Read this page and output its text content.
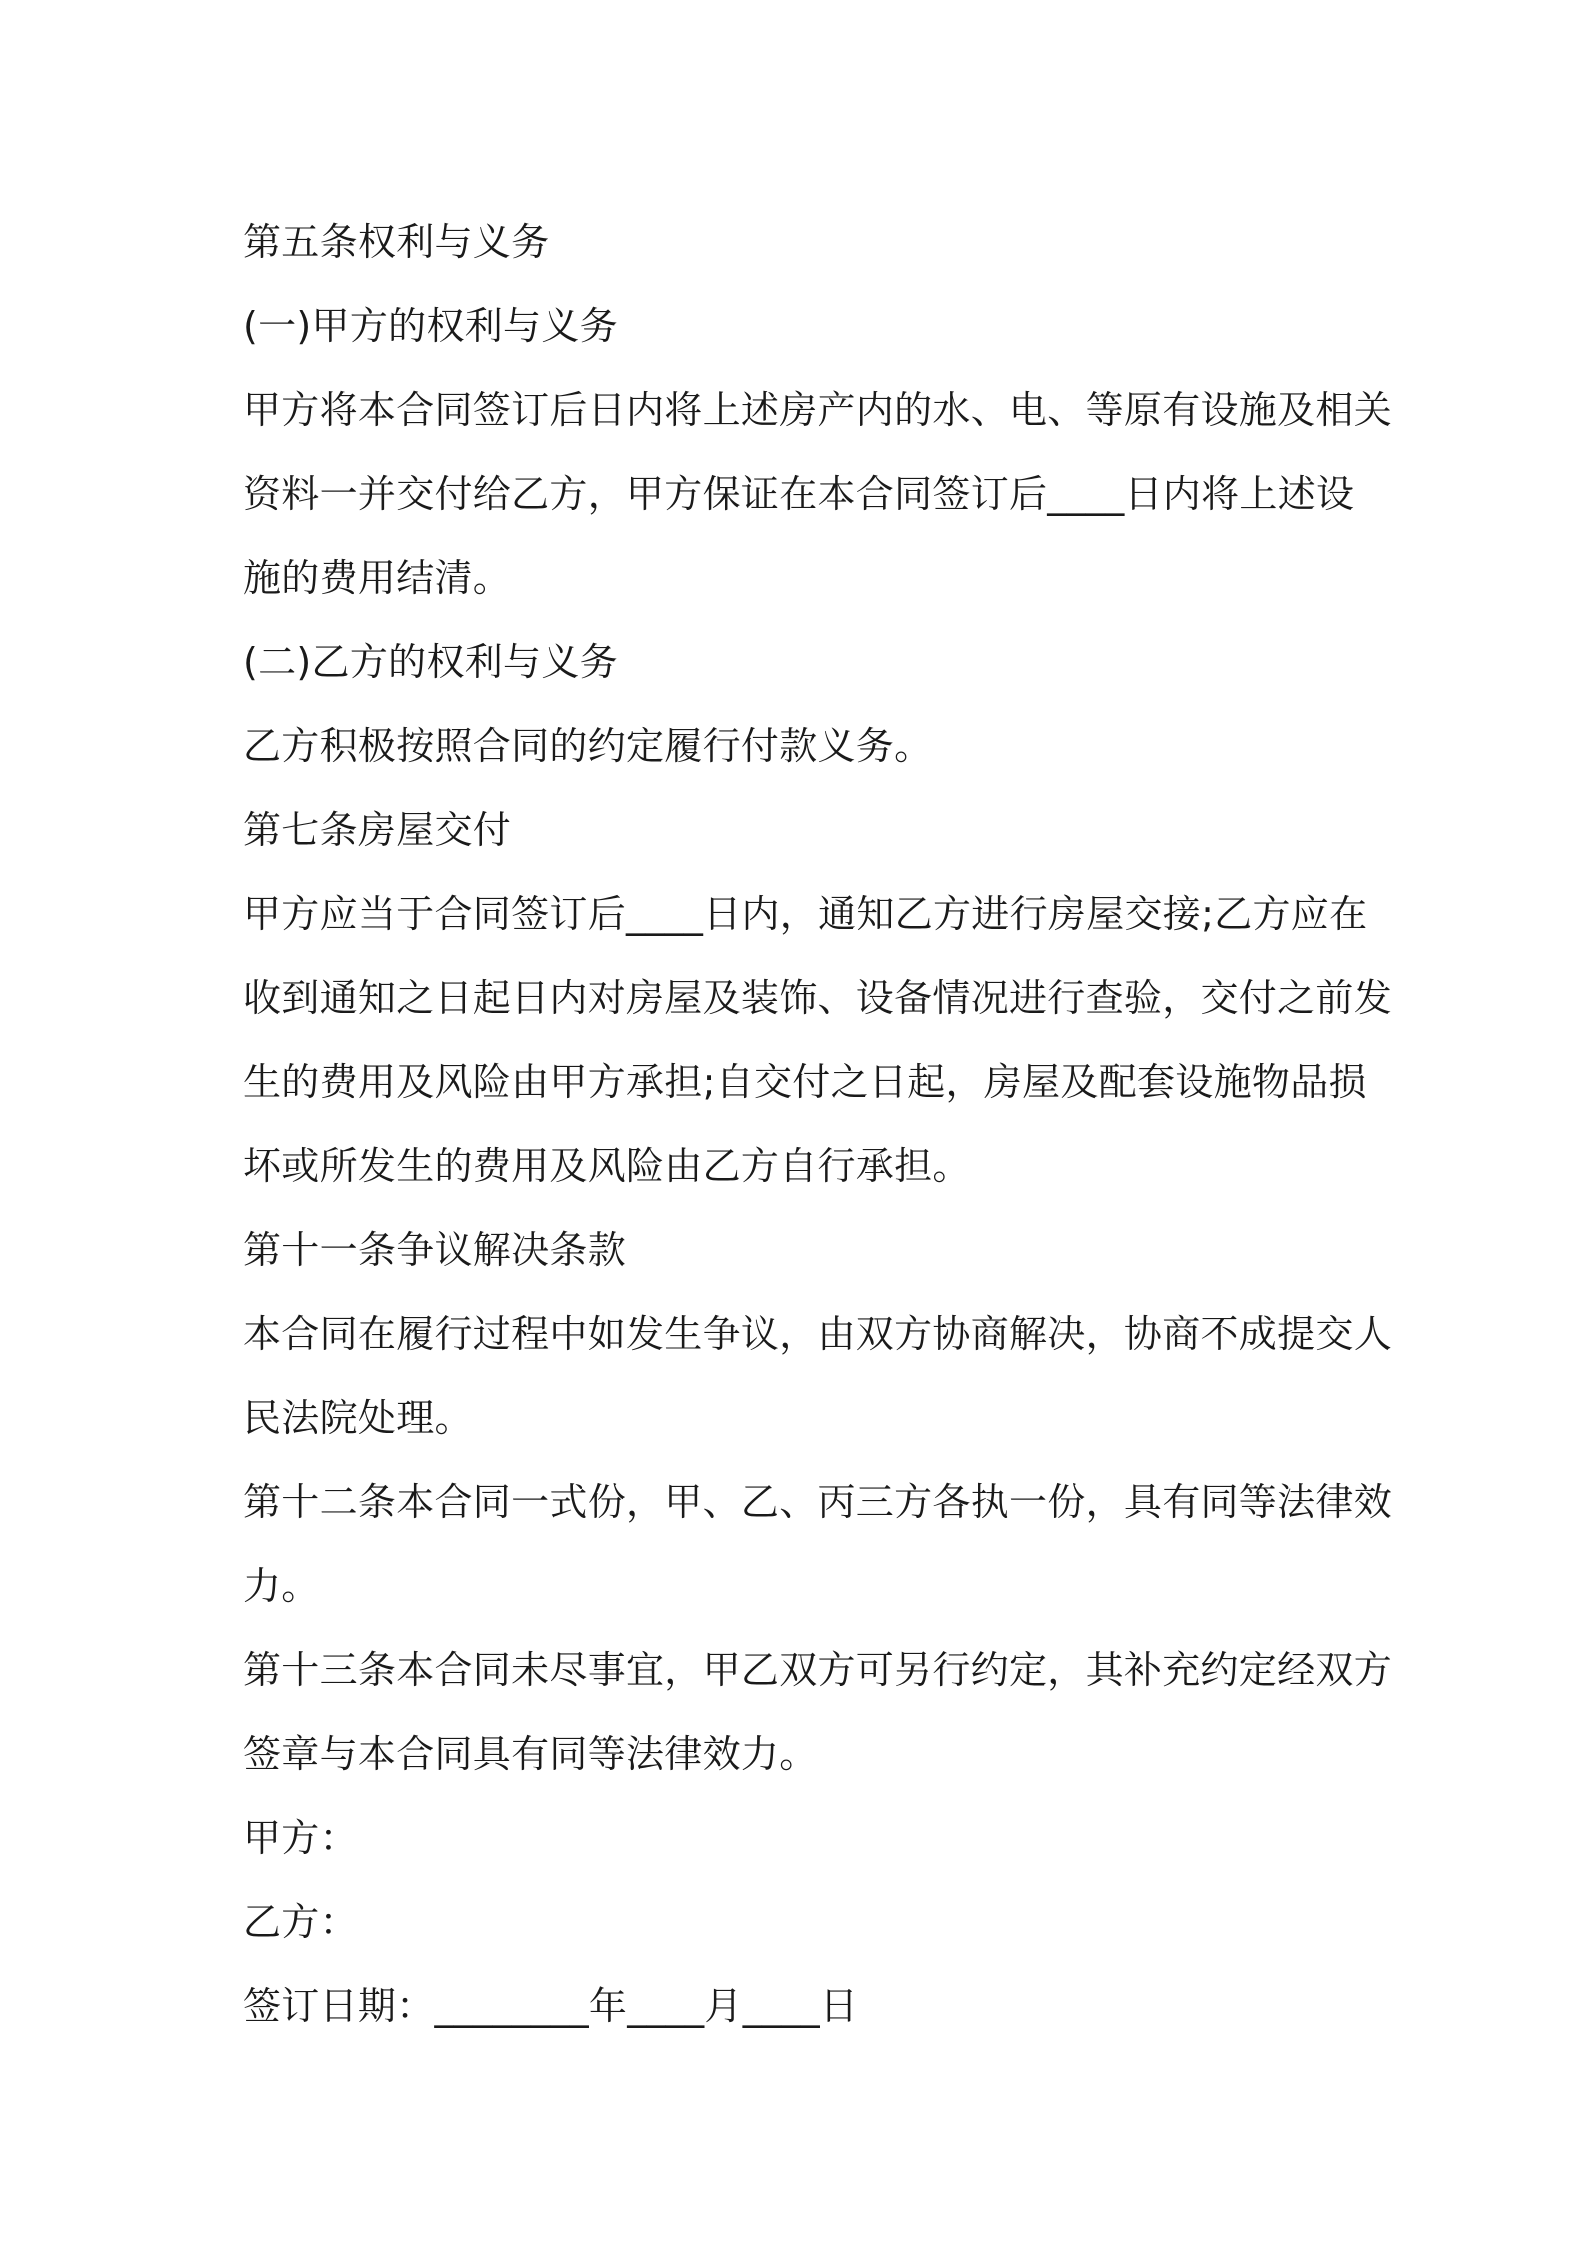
第五条权利与义务

(一)甲方的权利与义务

甲方将本合同签订后日内将上述房产内的水、电、等原有设施及相关

资料一并交付给乙方，甲方保证在本合同签订后____日内将上述设

施的费用结清。

(二)乙方的权利与义务

乙方积极按照合同的约定履行付款义务。

第七条房屋交付

甲方应当于合同签订后____日内，通知乙方进行房屋交接;乙方应在

收到通知之日起日内对房屋及装饰、设备情况进行查验，交付之前发

生的费用及风险由甲方承担;自交付之日起，房屋及配套设施物品损

坏或所发生的费用及风险由乙方自行承担。

第十一条争议解决条款

本合同在履行过程中如发生争议，由双方协商解决，协商不成提交人

民法院处理。

第十二条本合同一式份，甲、乙、丙三方各执一份，具有同等法律效

力。

第十三条本合同未尽事宜，甲乙双方可另行约定，其补充约定经双方

签章与本合同具有同等法律效力。

甲方：

乙方：

签订日期：________年____月____日
